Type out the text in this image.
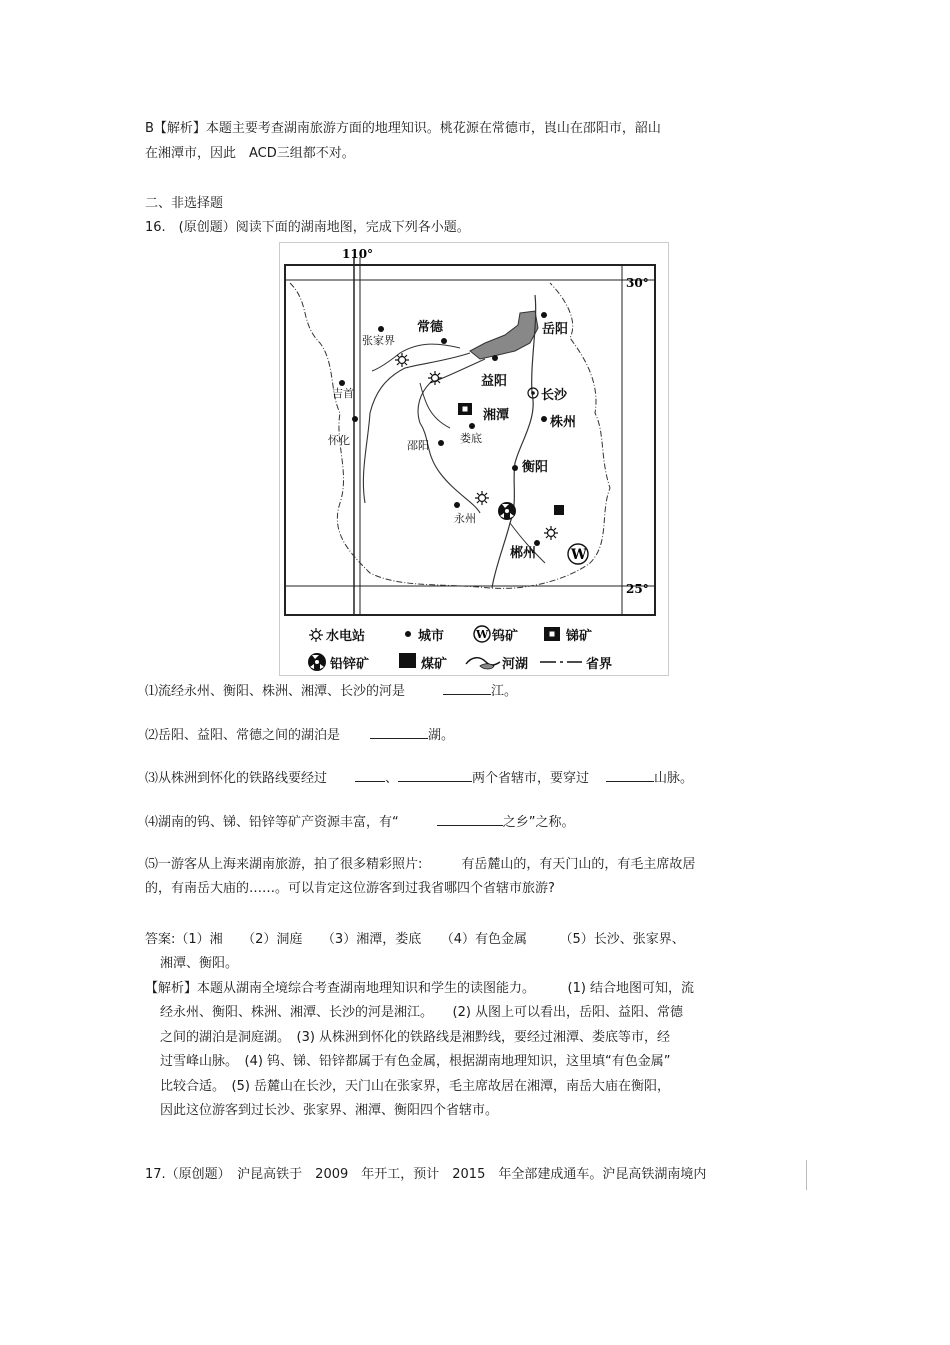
B【解析】本题主要考查湖南旅游方面的地理知识。桃花源在常德市，崀山在邵阳市，韶山
在湘潭市，因此　ACD三组都不对。
二、非选择题
16.　(原创题）阅读下面的湖南地图，完成下列各小题。
110°
30°
25°
张家界
常德	岳阳
益阳
长沙
吉首
湘潭	株州
怀化	娄底
邵阳
衡阳
永州
郴州 W
水电站	城市	W 钨矿	锑矿
铅锌矿	煤矿	河湖	省界
⑴流经永州、衡阳、株洲、湘潭、长沙的河是	江。
⑵岳阳、益阳、常德之间的湖泊是	湖。
⑶从株洲到怀化的铁路线要经过	、	两个省辖市，要穿过	山脉。
⑷湖南的钨、锑、铅锌等矿产资源丰富，有“	之乡”之称。
⑸一游客从上海来湖南旅游，拍了很多精彩照片:　　　有岳麓山的，有天门山的，有毛主席故居
的，有南岳大庙的……。可以肯定这位游客到过我省哪四个省辖市旅游?
答案:（1）湘　　（2）洞庭　　（3）湘潭，娄底　　（4）有色金属　　　（5）长沙、张家界、
湘潭、衡阳。
【解析】本题从湖南全境综合考查湖南地理知识和学生的读图能力。　　　(1) 结合地图可知，流
经永州、衡阳、株洲、湘潭、长沙的河是湘江。　　(2) 从图上可以看出，岳阳、益阳、常德
之间的湖泊是洞庭湖。　(3) 从株洲到怀化的铁路线是湘黔线，要经过湘潭、娄底等市，经
过雪峰山脉。　(4) 钨、锑、铅锌都属于有色金属，根据湖南地理知识，这里填“有色金属”
比较合适。　(5) 岳麓山在长沙，天门山在张家界，毛主席故居在湘潭，南岳大庙在衡阳，
因此这位游客到过长沙、张家界、湘潭、衡阳四个省辖市。
17.（原创题）　沪昆高铁于　2009　年开工，预计　2015　年全部建成通车。沪昆高铁湖南境内
